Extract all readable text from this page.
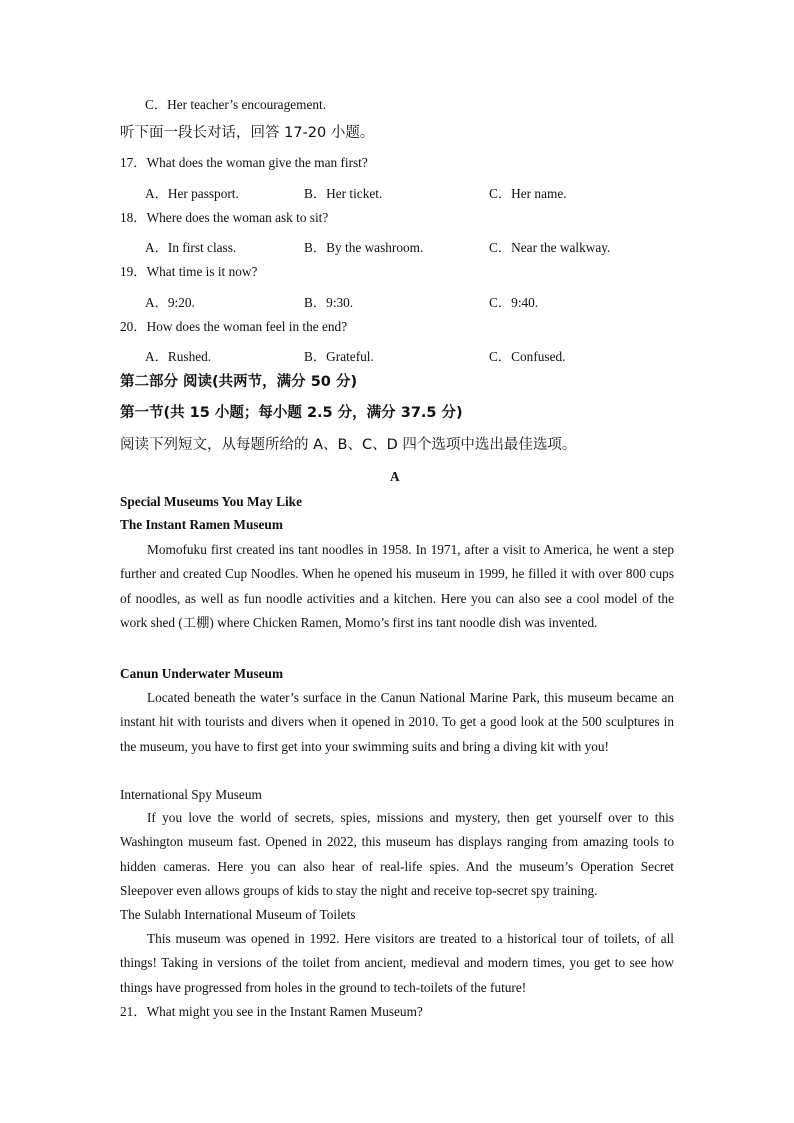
C．Her teacher’s encouragement.
听下面一段长对话，回答 17-20 小题。
17．What does the woman give the man first?
A．Her passport.	B．Her ticket.	C．Her name.
18．Where does the woman ask to sit?
A．In first class.	B．By the washroom.	C．Near the walkway.
19．What time is it now?
A．9:20.	B．9:30.	C．9:40.
20．How does the woman feel in the end?
A．Rushed.	B．Grateful.	C．Confused.
第二部分 阅读(共两节，满分 50 分)
第一节(共 15 小题；每小题 2.5 分，满分 37.5 分)
阅读下列短文，从每题所给的 A、B、C、D 四个选项中选出最佳选项。
A
Special Museums You May Like
The Instant Ramen Museum
Momofuku first created ins tant noodles in 1958. In 1971, after a visit to America, he went a step further and created Cup Noodles. When he opened his museum in 1999, he filled it with over 800 cups of noodles, as well as fun noodle activities and a kitchen. Here you can also see a cool model of the work shed (工棚) where Chicken Ramen, Momo’s first ins tant noodle dish was invented.
Canun Underwater Museum
Located beneath the water’s surface in the Canun National Marine Park, this museum became an instant hit with tourists and divers when it opened in 2010. To get a good look at the 500 sculptures in the museum, you have to first get into your swimming suits and bring a diving kit with you!
International Spy Museum
If you love the world of secrets, spies, missions and mystery, then get yourself over to this Washington museum fast. Opened in 2022, this museum has displays ranging from amazing tools to hidden cameras. Here you can also hear of real-life spies. And the museum’s Operation Secret Sleepover even allows groups of kids to stay the night and receive top-secret spy training.
The Sulabh International Museum of Toilets
This museum was opened in 1992. Here visitors are treated to a historical tour of toilets, of all things! Taking in versions of the toilet from ancient, medieval and modern times, you get to see how things have progressed from holes in the ground to tech-toilets of the future!
21．What might you see in the Instant Ramen Museum?
